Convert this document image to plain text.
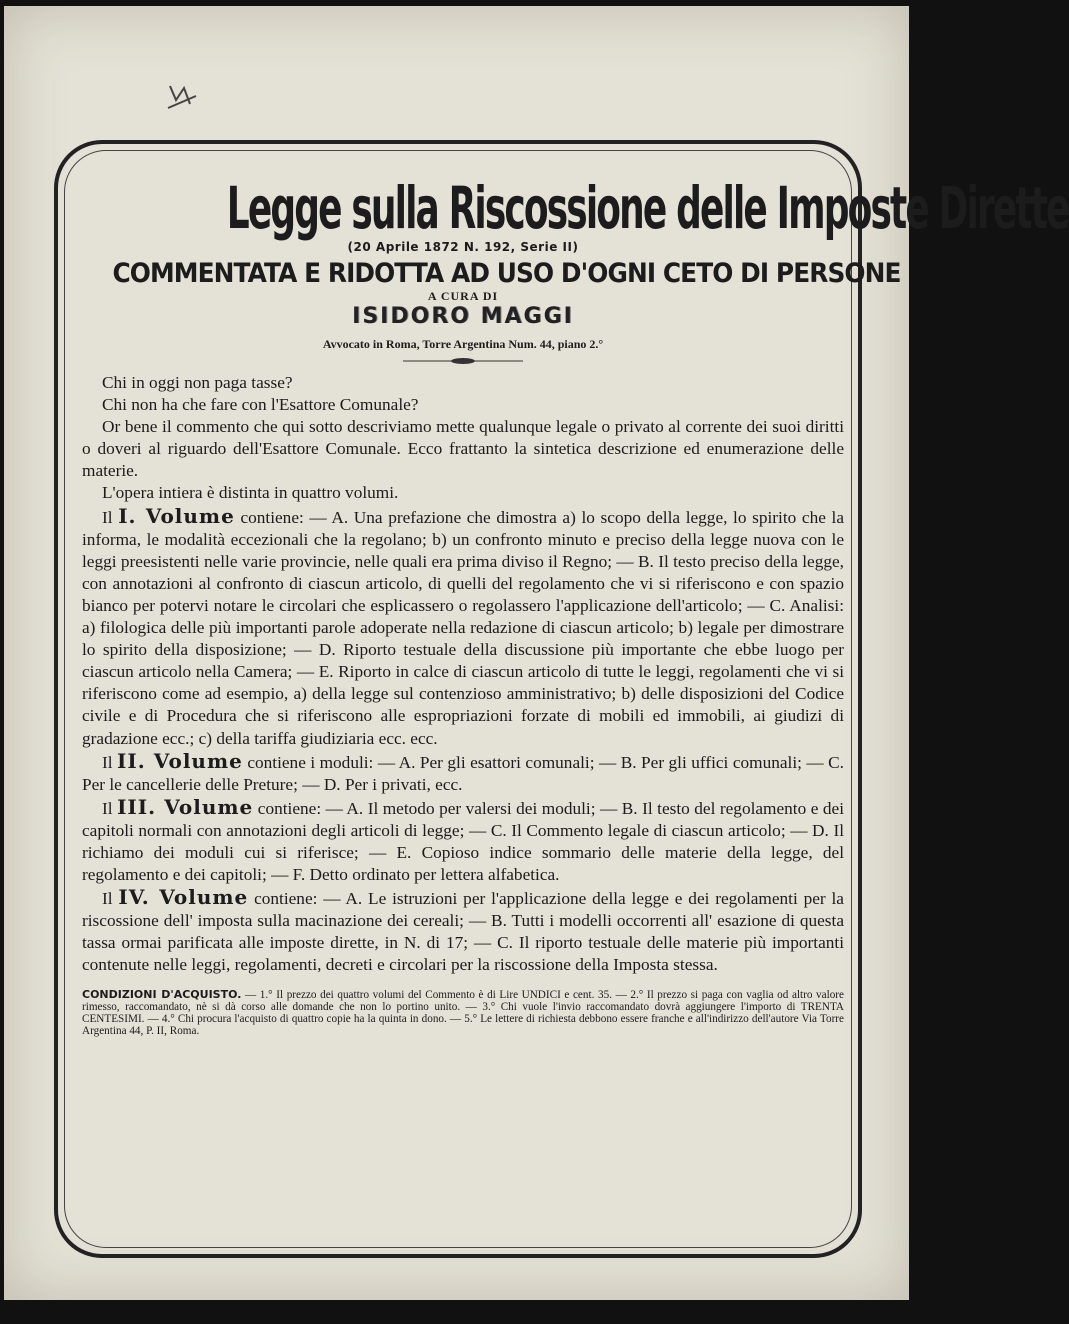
Legge sulla Riscossione delle Imposte Dirette
(20 Aprile 1872 N. 192, Serie II)
COMMENTATA E RIDOTTA AD USO D'OGNI CETO DI PERSONE
A CURA DI
ISIDORO MAGGI
Avvocato in Roma, Torre Argentina Num. 44, piano 2.°

Chi in oggi non paga tasse?

Chi non ha che fare con l'Esattore Comunale?

Or bene il commento che qui sotto descriviamo mette qualunque legale o privato al corrente dei suoi diritti o doveri al riguardo dell'Esattore Comunale. Ecco frattanto la sintetica descrizione ed enumerazione delle materie.

L'opera intiera è distinta in quattro volumi.

Il I. Volume contiene: — A. Una prefazione che dimostra a) lo scopo della legge, lo spirito che la informa, le modalità eccezionali che la regolano; b) un confronto minuto e preciso della legge nuova con le leggi preesistenti nelle varie provincie, nelle quali era prima diviso il Regno; — B. Il testo preciso della legge, con annotazioni al confronto di ciascun articolo, di quelli del regolamento che vi si riferiscono e con spazio bianco per potervi notare le circolari che esplicassero o regolassero l'applicazione dell'articolo; — C. Analisi: a) filologica delle più importanti parole adoperate nella redazione di ciascun articolo; b) legale per dimostrare lo spirito della disposizione; — D. Riporto testuale della discussione più importante che ebbe luogo per ciascun articolo nella Camera; — E. Riporto in calce di ciascun articolo di tutte le leggi, regolamenti che vi si riferiscono come ad esempio, a) della legge sul contenzioso amministrativo; b) delle disposizioni del Codice civile e di Procedura che si riferiscono alle espropriazioni forzate di mobili ed immobili, ai giudizi di gradazione ecc.; c) della tariffa giudiziaria ecc. ecc.

Il II. Volume contiene i moduli: — A. Per gli esattori comunali; — B. Per gli uffici comunali; — C. Per le cancellerie delle Preture; — D. Per i privati, ecc.

Il III. Volume contiene: — A. Il metodo per valersi dei moduli; — B. Il testo del regolamento e dei capitoli normali con annotazioni degli articoli di legge; — C. Il Commento legale di ciascun articolo; — D. Il richiamo dei moduli cui si riferisce; — E. Copioso indice sommario delle materie della legge, del regolamento e dei capitoli; — F. Detto ordinato per lettera alfabetica.

Il IV. Volume contiene: — A. Le istruzioni per l'applicazione della legge e dei regolamenti per la riscossione dell' imposta sulla macinazione dei cereali; — B. Tutti i modelli occorrenti all' esazione di questa tassa ormai parificata alle imposte dirette, in N. di 17; — C. Il riporto testuale delle materie più importanti contenute nelle leggi, regolamenti, decreti e circolari per la riscossione della Imposta stessa.

CONDIZIONI D'ACQUISTO. — 1.° Il prezzo dei quattro volumi del Commento è di Lire UNDICI e cent. 35. — 2.° Il prezzo si paga con vaglia od altro valore rimesso, raccomandato, nè si dà corso alle domande che non lo portino unito. — 3.° Chi vuole l'invio raccomandato dovrà aggiungere l'importo di TRENTA CENTESIMI. — 4.° Chi procura l'acquisto di quattro copie ha la quinta in dono. — 5.° Le lettere di richiesta debbono essere franche e all'indirizzo dell'autore Via Torre Argentina 44, P. II, Roma.
